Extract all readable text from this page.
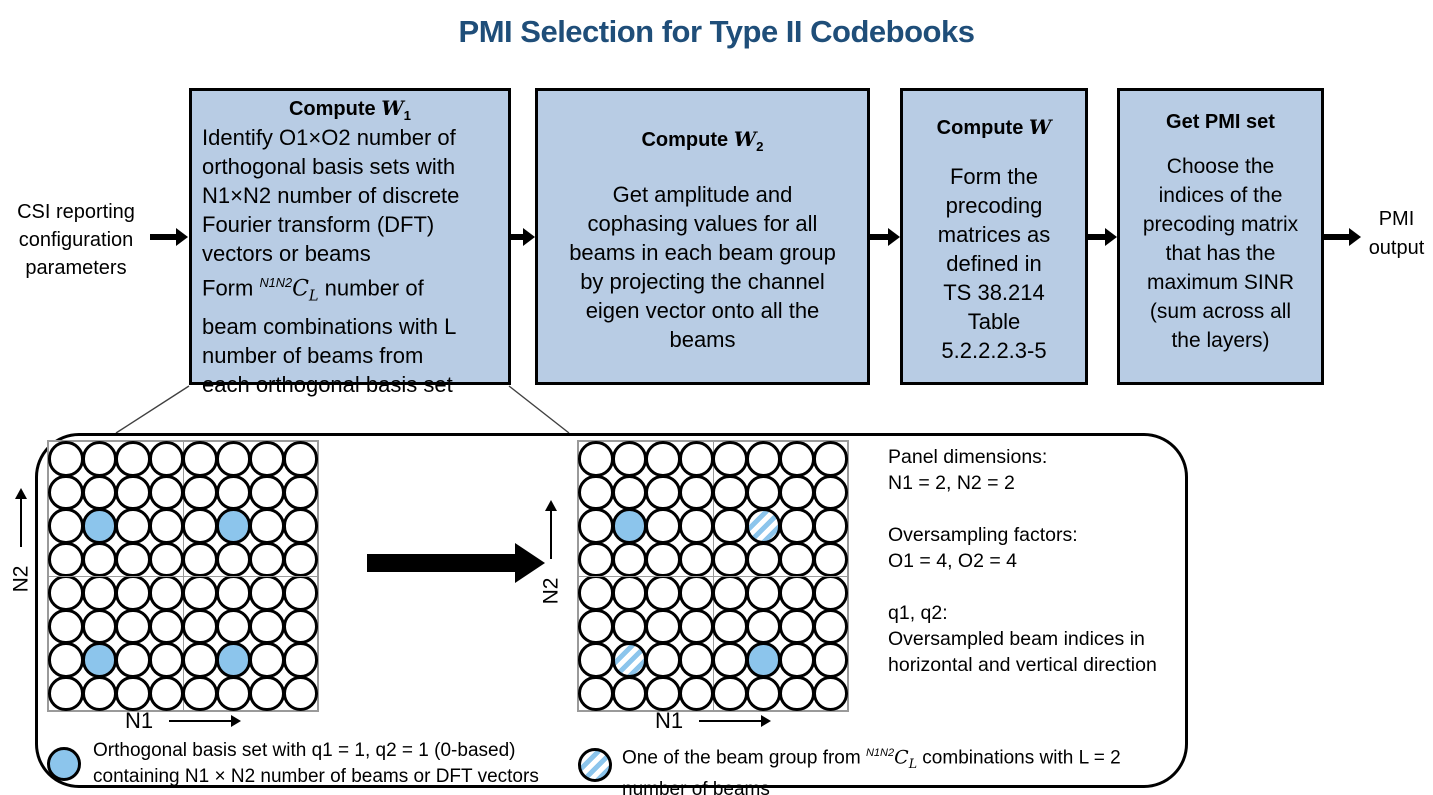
PMI Selection for Type II Codebooks
CSI reporting
configuration
parameters
PMI
output
Compute $W_1$
Identify O1×O2 number of
orthogonal basis sets with
N1×N2 number of discrete
Fourier transform (DFT)
vectors or beams
Form $^{N1N2}C_L$ number of
beam combinations with L
number of beams from
each orthogonal basis set
Compute $W_2$
Get amplitude and
cophasing values for all
beams in each beam group
by projecting the channel
eigen vector onto all the
beams
Compute W
Form the
precoding
matrices as
defined in
TS 38.214
Table
5.2.2.2.3-5
Get PMI set
Choose the
indices of the
precoding matrix
that has the
maximum SINR
(sum across all
the layers)
N2	N2
N1	N1
Panel dimensions:
N1 = 2, N2 = 2
Oversampling factors:
O1 = 4, O2 = 4
q1, q2:
Oversampled beam indices in
horizontal and vertical direction
Orthogonal basis set with q1 = 1, q2 = 1 (0-based)
containing N1 × N2 number of beams or DFT vectors
One of the beam group from $^{N1N2}C_L$ combinations with L = 2
number of beams
